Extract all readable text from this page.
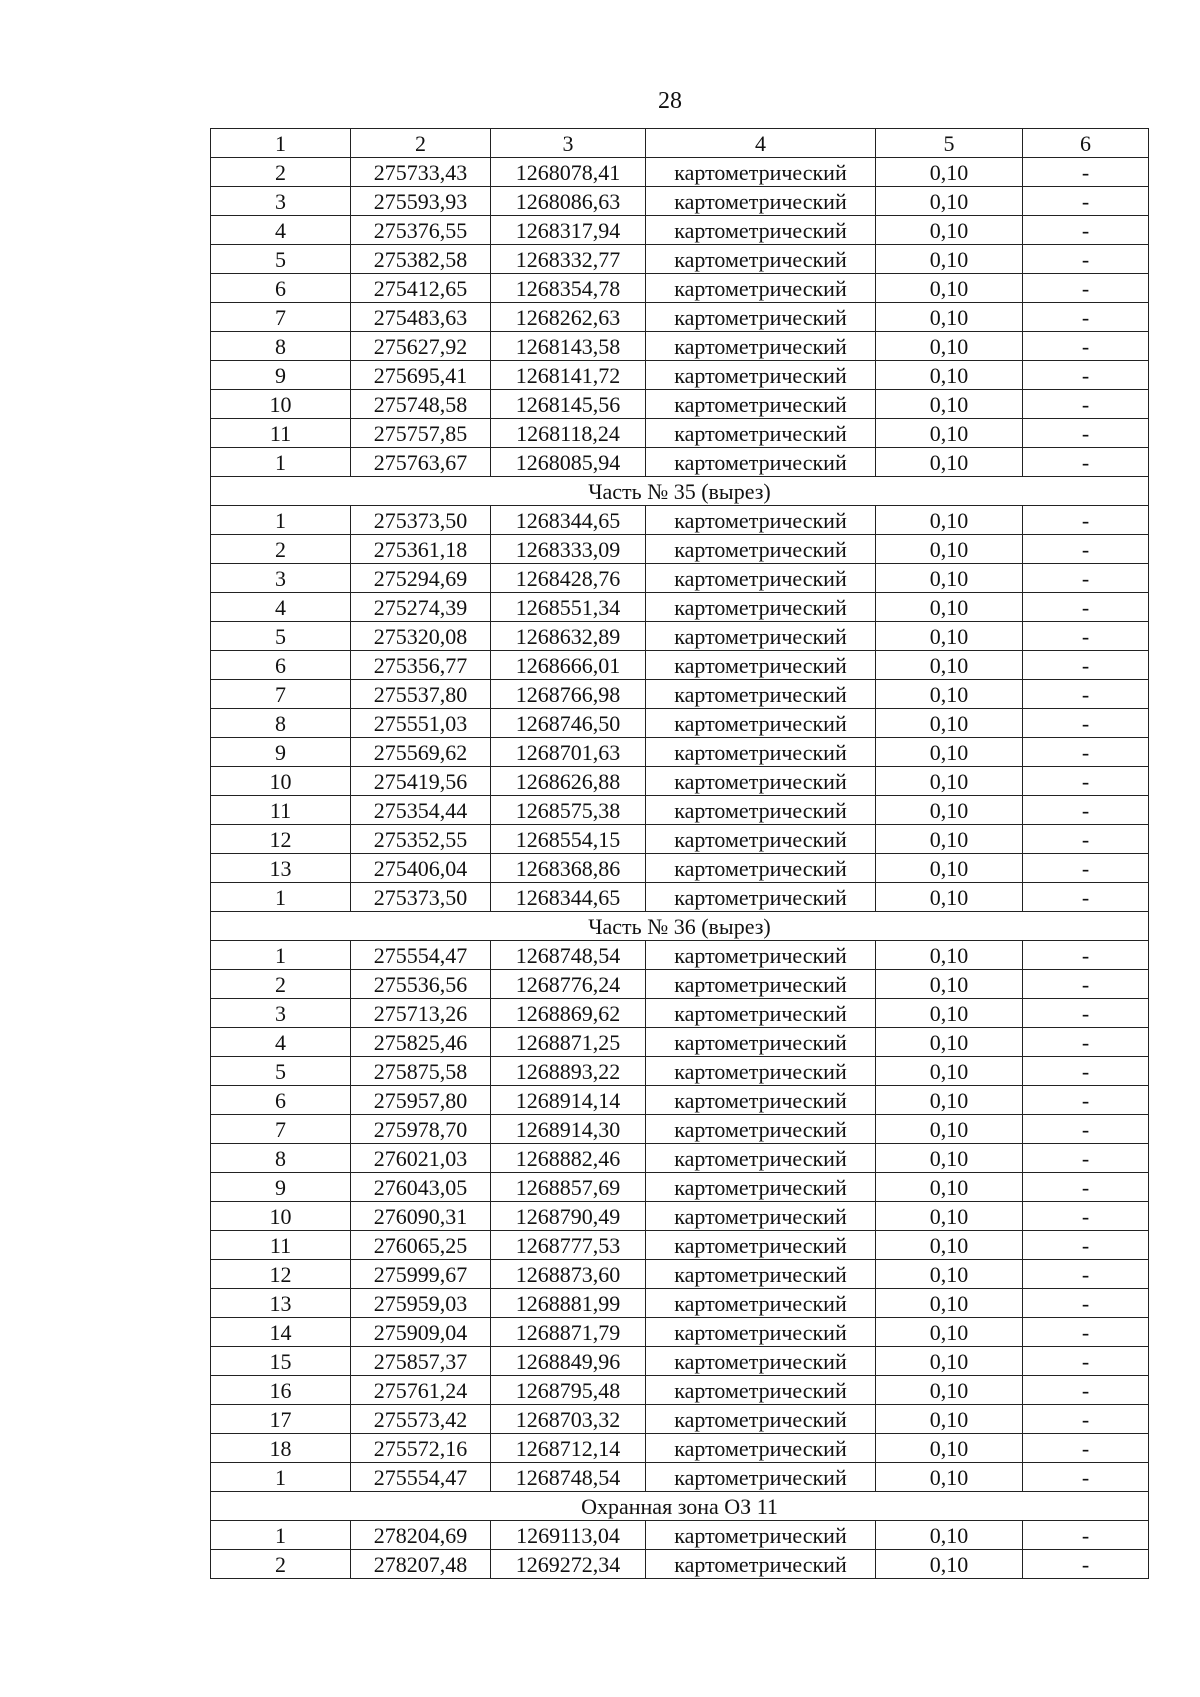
28
1	2	3	4	5	6
2	275733,43	1268078,41	картометрический	0,10	-
3	275593,93	1268086,63	картометрический	0,10	-
4	275376,55	1268317,94	картометрический	0,10	-
5	275382,58	1268332,77	картометрический	0,10	-
6	275412,65	1268354,78	картометрический	0,10	-
7	275483,63	1268262,63	картометрический	0,10	-
8	275627,92	1268143,58	картометрический	0,10	-
9	275695,41	1268141,72	картометрический	0,10	-
10	275748,58	1268145,56	картометрический	0,10	-
11	275757,85	1268118,24	картометрический	0,10	-
1	275763,67	1268085,94	картометрический	0,10	-
Часть № 35 (вырез)					
1	275373,50	1268344,65	картометрический	0,10	-
2	275361,18	1268333,09	картометрический	0,10	-
3	275294,69	1268428,76	картометрический	0,10	-
4	275274,39	1268551,34	картометрический	0,10	-
5	275320,08	1268632,89	картометрический	0,10	-
6	275356,77	1268666,01	картометрический	0,10	-
7	275537,80	1268766,98	картометрический	0,10	-
8	275551,03	1268746,50	картометрический	0,10	-
9	275569,62	1268701,63	картометрический	0,10	-
10	275419,56	1268626,88	картометрический	0,10	-
11	275354,44	1268575,38	картометрический	0,10	-
12	275352,55	1268554,15	картометрический	0,10	-
13	275406,04	1268368,86	картометрический	0,10	-
1	275373,50	1268344,65	картометрический	0,10	-
Часть № 36 (вырез)					
1	275554,47	1268748,54	картометрический	0,10	-
2	275536,56	1268776,24	картометрический	0,10	-
3	275713,26	1268869,62	картометрический	0,10	-
4	275825,46	1268871,25	картометрический	0,10	-
5	275875,58	1268893,22	картометрический	0,10	-
6	275957,80	1268914,14	картометрический	0,10	-
7	275978,70	1268914,30	картометрический	0,10	-
8	276021,03	1268882,46	картометрический	0,10	-
9	276043,05	1268857,69	картометрический	0,10	-
10	276090,31	1268790,49	картометрический	0,10	-
11	276065,25	1268777,53	картометрический	0,10	-
12	275999,67	1268873,60	картометрический	0,10	-
13	275959,03	1268881,99	картометрический	0,10	-
14	275909,04	1268871,79	картометрический	0,10	-
15	275857,37	1268849,96	картометрический	0,10	-
16	275761,24	1268795,48	картометрический	0,10	-
17	275573,42	1268703,32	картометрический	0,10	-
18	275572,16	1268712,14	картометрический	0,10	-
1	275554,47	1268748,54	картометрический	0,10	-
Охранная зона ОЗ 11					
1	278204,69	1269113,04	картометрический	0,10	-
2	278207,48	1269272,34	картометрический	0,10	-
